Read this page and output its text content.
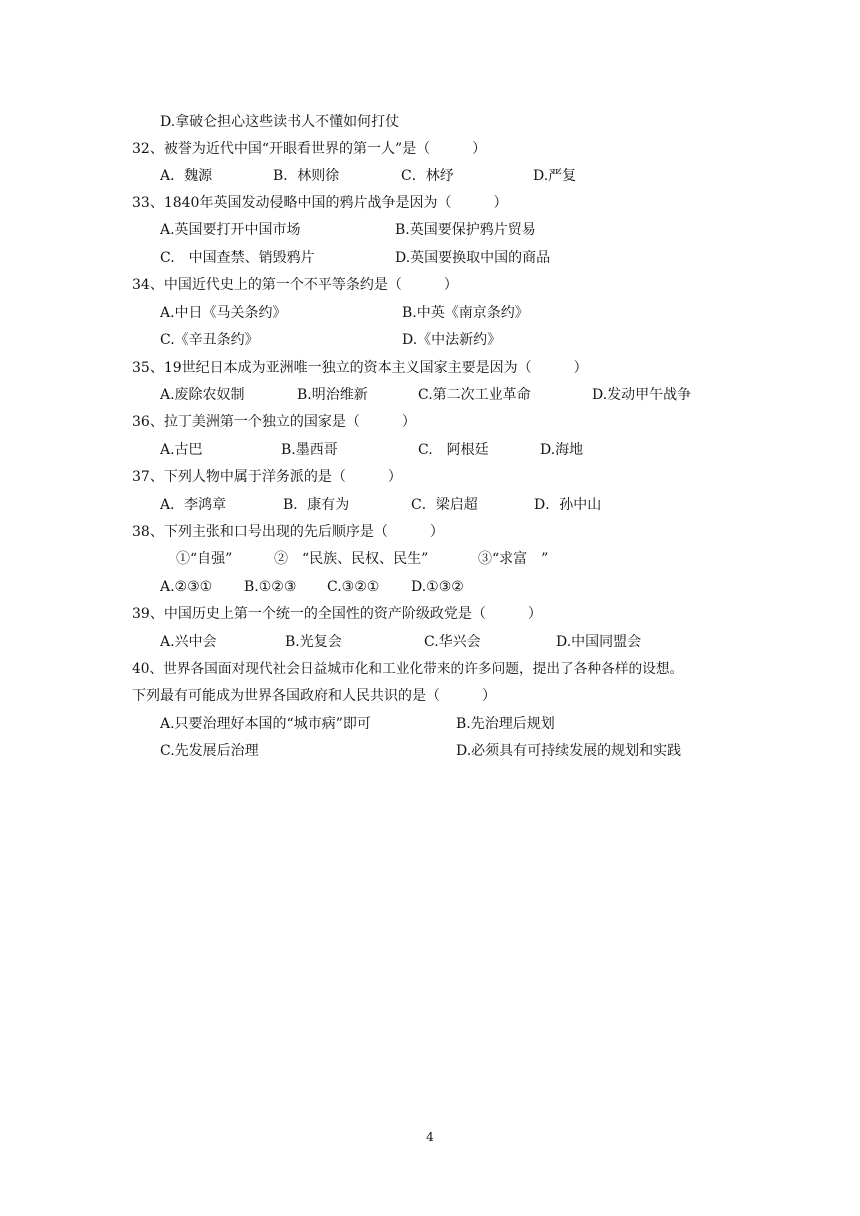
D.拿破仑担心这些读书人不懂如何打仗
32、被誉为近代中国“开眼看世界的第一人”是（　　　）
A．魏源	B．林则徐	C．林纾	D.严复
33、1840年英国发动侵略中国的鸦片战争是因为（　　　）
A.英国要打开中国市场	B.英国要保护鸦片贸易
C.　中国查禁、销毁鸦片	D.英国要换取中国的商品
34、中国近代史上的第一个不平等条约是（　　　）
A.中日《马关条约》	B.中英《南京条约》
C.《辛丑条约》	D.《中法新约》
35、19世纪日本成为亚洲唯一独立的资本主义国家主要是因为（　　　）
A.废除农奴制	B.明治维新	C.第二次工业革命	D.发动甲午战争
36、拉丁美洲第一个独立的国家是（　　　）
A.古巴	B.墨西哥	C.　阿根廷	D.海地
37、下列人物中属于洋务派的是（　　　）
A．李鸿章	B．康有为	C．梁启超	D．孙中山
38、下列主张和口号出现的先后顺序是（　　　）
①“自强”	②　“民族、民权、民生”	③“求富　”
A.②③① B.①②③ C.③②① D.①③②
39、中国历史上第一个统一的全国性的资产阶级政党是（　　　）
A.兴中会	B.光复会	C.华兴会	D.中国同盟会
40、世界各国面对现代社会日益城市化和工业化带来的许多问题，提出了各种各样的设想。
下列最有可能成为世界各国政府和人民共识的是（　　　）
A.只要治理好本国的“城市病”即可	B.先治理后规划
C.先发展后治理	D.必须具有可持续发展的规划和实践
4
